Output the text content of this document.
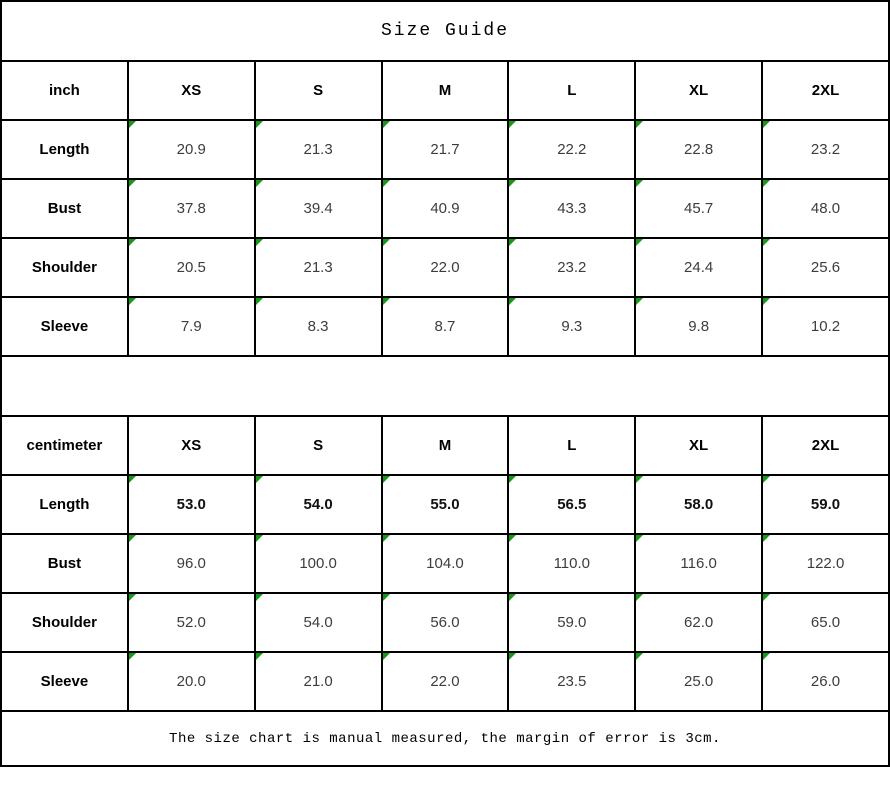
Size Guide						
inch	XS	S	M	L	XL	2XL
Length	20.9	21.3	21.7	22.2	22.8	23.2
Bust	37.8	39.4	40.9	43.3	45.7	48.0
Shoulder	20.5	21.3	22.0	23.2	24.4	25.6
Sleeve	7.9	8.3	8.7	9.3	9.8	10.2

centimeter	XS	S	M	L	XL	2XL
Length	53.0	54.0	55.0	56.5	58.0	59.0
Bust	96.0	100.0	104.0	110.0	116.0	122.0
Shoulder	52.0	54.0	56.0	59.0	62.0	65.0
Sleeve	20.0	21.0	22.0	23.5	25.0	26.0
The size chart is manual measured, the margin of error is 3cm.						
